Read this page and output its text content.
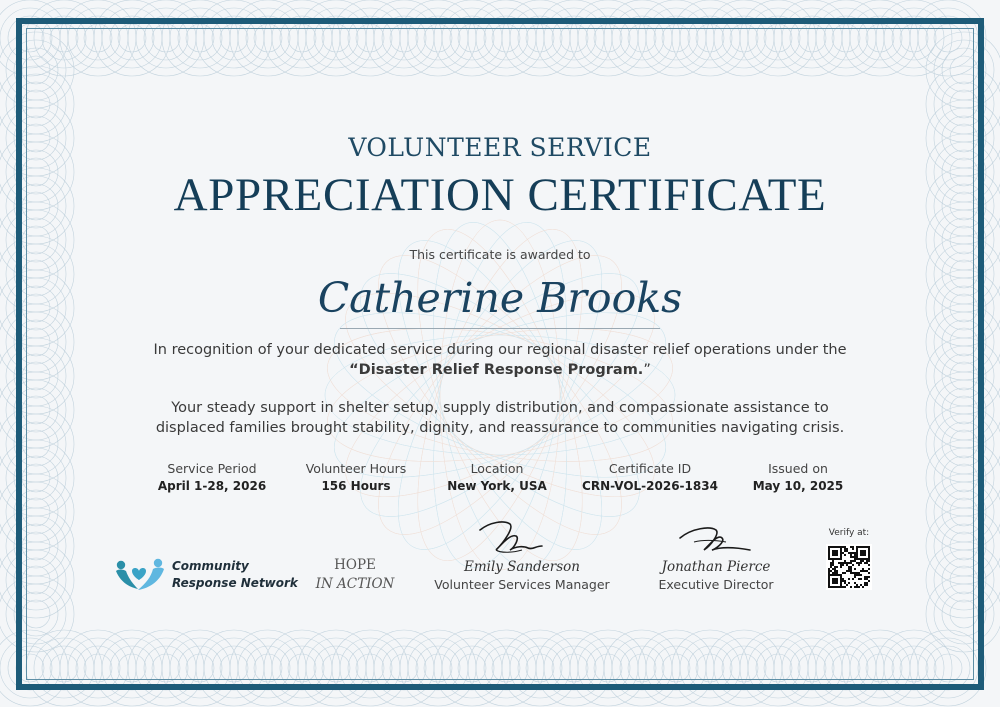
VOLUNTEER SERVICE
APPRECIATION CERTIFICATE
This certificate is awarded to
Catherine Brooks
In recognition of your dedicated service during our regional disaster relief operations under the
“Disaster Relief Response Program.”
Your steady support in shelter setup, supply distribution, and compassionate assistance to
displaced families brought stability, dignity, and reassurance to communities navigating crisis.
Service Period
April 1-28, 2026
Volunteer Hours
156 Hours
Location
New York, USA
Certificate ID
CRN-VOL-2026-1834
Issued on
May 10, 2025
Community
Response Network
HOPE
IN ACTION
Emily Sanderson
Volunteer Services Manager
Jonathan Pierce
Executive Director
Verify at:
